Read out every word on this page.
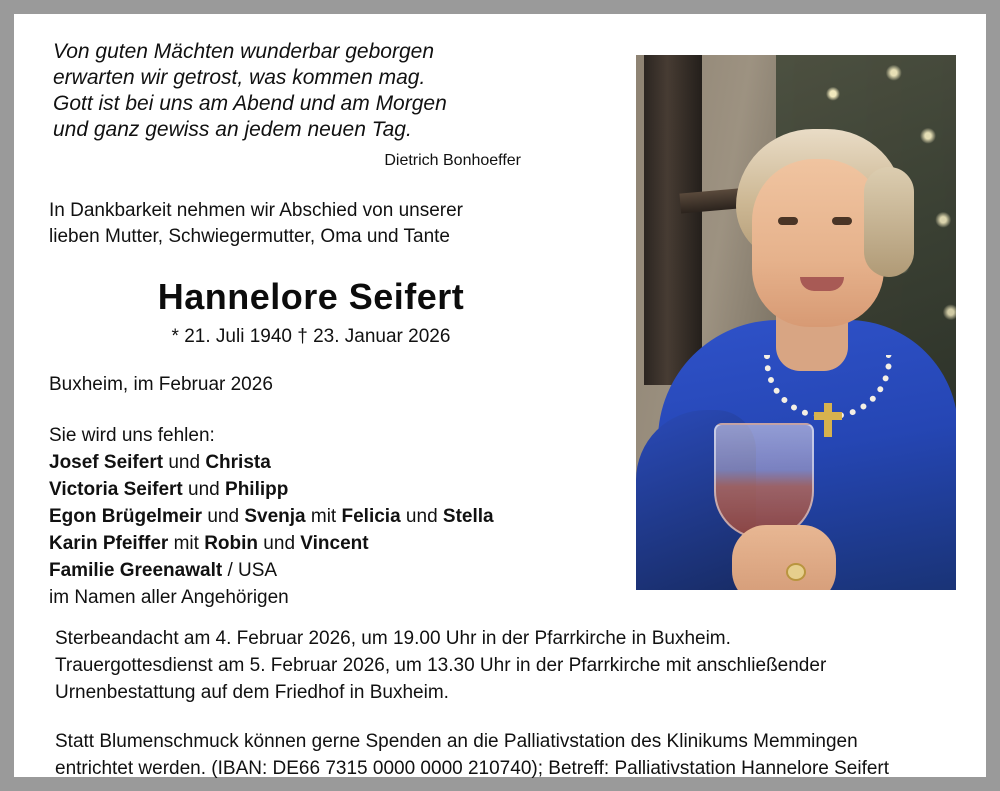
Von guten Mächten wunderbar geborgen
erwarten wir getrost, was kommen mag.
Gott ist bei uns am Abend und am Morgen
und ganz gewiss an jedem neuen Tag.
Dietrich Bonhoeffer
In Dankbarkeit nehmen wir Abschied von unserer
lieben Mutter, Schwiegermutter, Oma und Tante
Hannelore Seifert
* 21. Juli 1940 † 23. Januar 2026
Buxheim, im Februar 2026
Sie wird uns fehlen:
Josef Seifert und Christa
Victoria Seifert und Philipp
Egon Brügelmeir und Svenja mit Felicia und Stella
Karin Pfeiffer mit Robin und Vincent
Familie Greenawalt / USA
im Namen aller Angehörigen
Sterbeandacht am 4. Februar 2026, um 19.00 Uhr in der Pfarrkirche in Buxheim.
Trauergottesdienst am 5. Februar 2026, um 13.30 Uhr in der Pfarrkirche mit anschließender
Urnenbestattung auf dem Friedhof in Buxheim.
Statt Blumenschmuck können gerne Spenden an die Palliativstation des Klinikums Memmingen
entrichtet werden. (IBAN: DE66 7315 0000 0000 210740); Betreff: Palliativstation Hannelore Seifert
